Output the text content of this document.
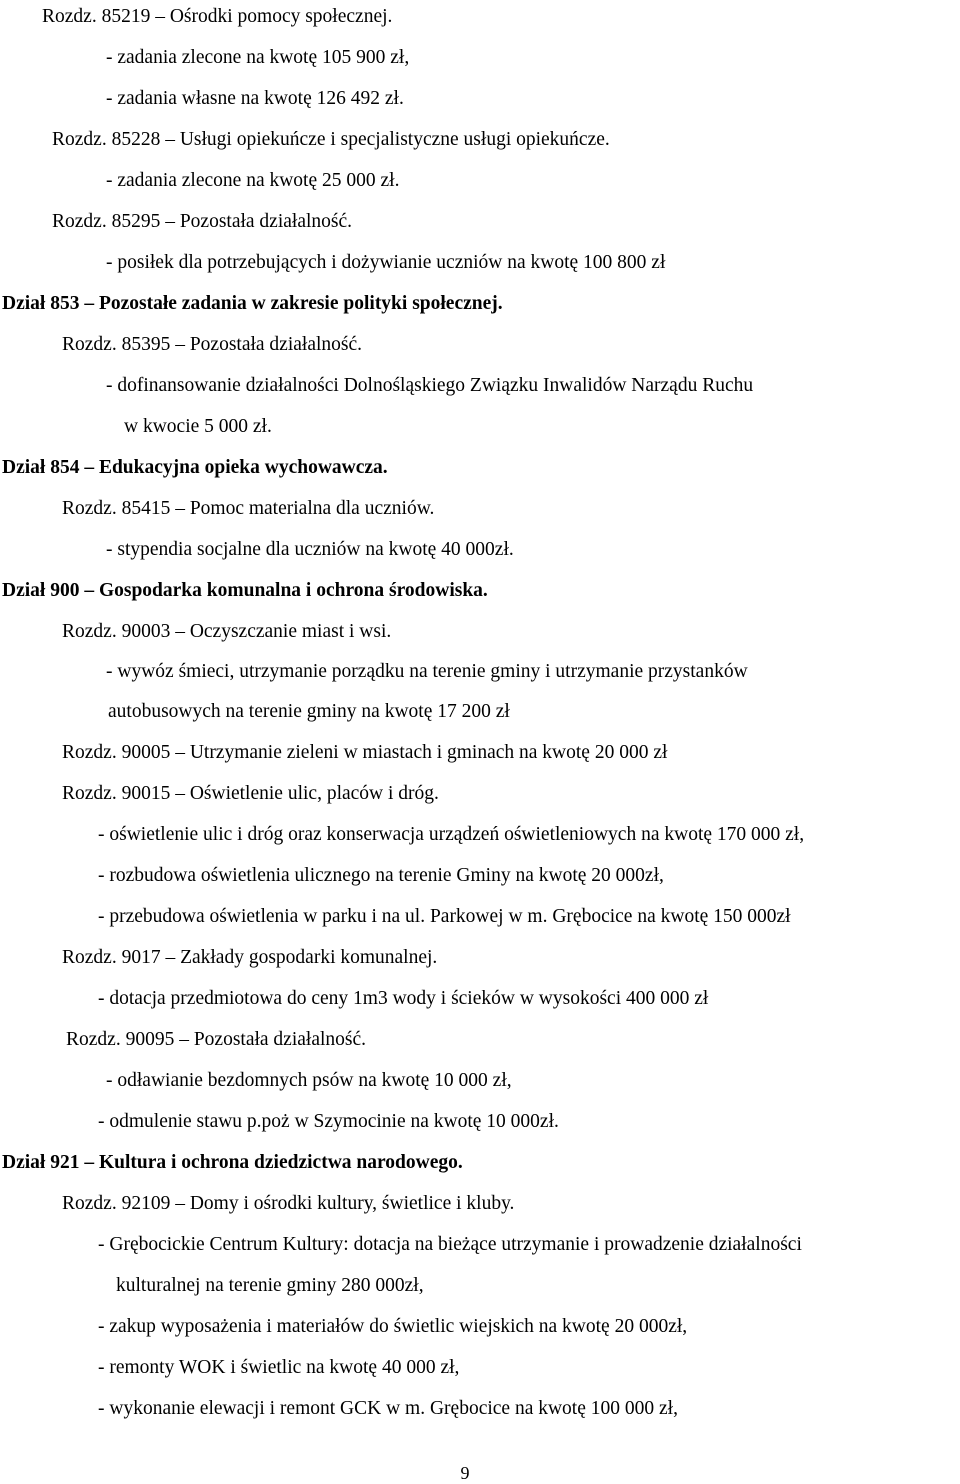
Rozdz. 85219 – Ośrodki pomocy społecznej.
- zadania zlecone na kwotę 105 900 zł,
- zadania własne na kwotę 126 492 zł.
Rozdz. 85228 – Usługi opiekuńcze i specjalistyczne usługi opiekuńcze.
- zadania zlecone na kwotę 25 000 zł.
Rozdz. 85295 – Pozostała działalność.
- posiłek dla potrzebujących i dożywianie uczniów na kwotę 100 800 zł
Dział 853 – Pozostałe zadania w zakresie polityki społecznej.
Rozdz. 85395 – Pozostała działalność.
- dofinansowanie działalności Dolnośląskiego Związku Inwalidów Narządu Ruchu
w kwocie 5 000 zł.
Dział 854 – Edukacyjna opieka wychowawcza.
Rozdz. 85415 – Pomoc materialna dla uczniów.
- stypendia socjalne dla uczniów na kwotę 40 000zł.
Dział 900 – Gospodarka komunalna i ochrona środowiska.
Rozdz. 90003 – Oczyszczanie miast i wsi.
- wywóz śmieci, utrzymanie porządku na terenie gminy i utrzymanie przystanków
autobusowych na terenie gminy na kwotę 17 200 zł
Rozdz. 90005 – Utrzymanie zieleni w miastach i gminach na kwotę 20 000 zł
Rozdz. 90015 – Oświetlenie ulic, placów i dróg.
- oświetlenie ulic i dróg oraz konserwacja urządzeń oświetleniowych na kwotę 170 000 zł,
- rozbudowa oświetlenia ulicznego na terenie Gminy na kwotę 20 000zł,
- przebudowa oświetlenia w parku i na ul. Parkowej w m. Grębocice na kwotę 150 000zł
Rozdz. 9017 – Zakłady gospodarki komunalnej.
- dotacja przedmiotowa do ceny 1m3 wody i ścieków w wysokości 400 000 zł
Rozdz. 90095 – Pozostała działalność.
- odławianie bezdomnych psów na kwotę 10 000 zł,
- odmulenie stawu p.poż w Szymocinie na kwotę 10 000zł.
Dział 921 – Kultura i ochrona dziedzictwa narodowego.
Rozdz. 92109 – Domy i ośrodki kultury, świetlice i kluby.
- Grębocickie Centrum Kultury: dotacja na bieżące utrzymanie i prowadzenie działalności
kulturalnej na terenie gminy 280 000zł,
- zakup wyposażenia i materiałów do świetlic wiejskich na kwotę 20 000zł,
- remonty WOK i świetlic na kwotę 40 000 zł,
- wykonanie elewacji i remont GCK w m. Grębocice na kwotę 100 000 zł,
9
